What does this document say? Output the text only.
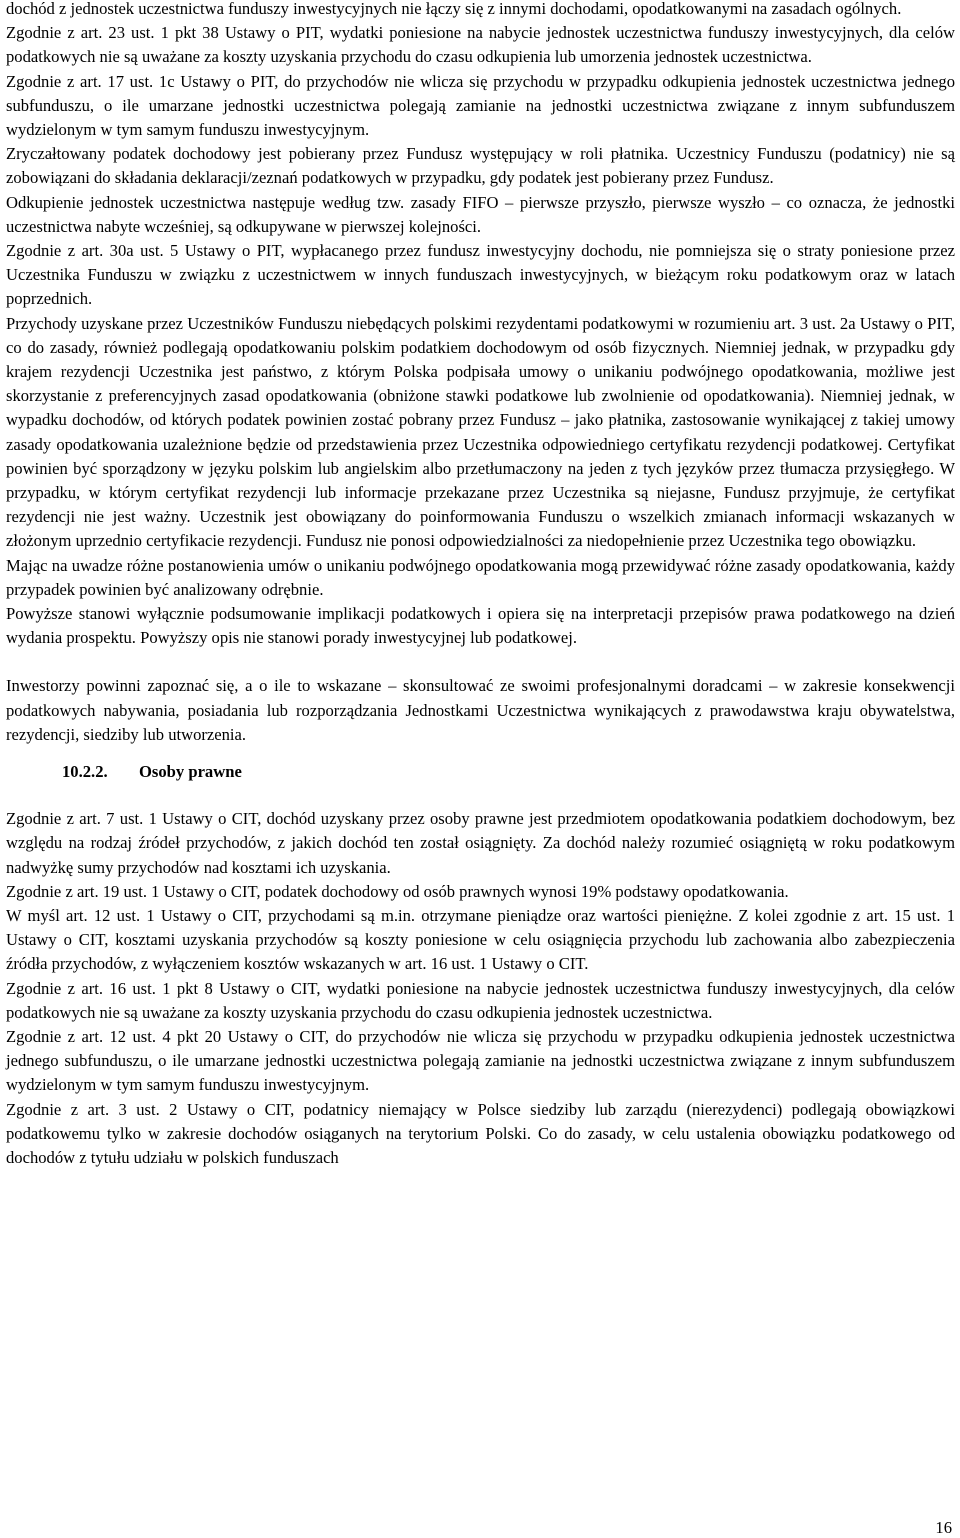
dochód z jednostek uczestnictwa funduszy inwestycyjnych nie łączy się z innymi dochodami, opodatkowanymi na zasadach ogólnych.

Zgodnie z art. 23 ust. 1 pkt 38 Ustawy o PIT, wydatki poniesione na nabycie jednostek uczestnictwa funduszy inwestycyjnych, dla celów podatkowych nie są uważane za koszty uzyskania przychodu do czasu odkupienia lub umorzenia jednostek uczestnictwa.

Zgodnie z art. 17 ust. 1c Ustawy o PIT, do przychodów nie wlicza się przychodu w przypadku odkupienia jednostek uczestnictwa jednego subfunduszu, o ile umarzane jednostki uczestnictwa polegają zamianie na jednostki uczestnictwa związane z innym subfunduszem wydzielonym w tym samym funduszu inwestycyjnym.

Zryczałtowany podatek dochodowy jest pobierany przez Fundusz występujący w roli płatnika. Uczestnicy Funduszu (podatnicy) nie są zobowiązani do składania deklaracji/zeznań podatkowych w przypadku, gdy podatek jest pobierany przez Fundusz.

Odkupienie jednostek uczestnictwa następuje według tzw. zasady FIFO – pierwsze przyszło, pierwsze wyszło – co oznacza, że jednostki uczestnictwa nabyte wcześniej, są odkupywane w pierwszej kolejności.

Zgodnie z art. 30a ust. 5 Ustawy o PIT, wypłacanego przez fundusz inwestycyjny dochodu, nie pomniejsza się o straty poniesione przez Uczestnika Funduszu w związku z uczestnictwem w innych funduszach inwestycyjnych, w bieżącym roku podatkowym oraz w latach poprzednich.

Przychody uzyskane przez Uczestników Funduszu niebędących polskimi rezydentami podatkowymi w rozumieniu art. 3 ust. 2a Ustawy o PIT, co do zasady, również podlegają opodatkowaniu polskim podatkiem dochodowym od osób fizycznych. Niemniej jednak, w przypadku gdy krajem rezydencji Uczestnika jest państwo, z którym Polska podpisała umowy o unikaniu podwójnego opodatkowania, możliwe jest skorzystanie z preferencyjnych zasad opodatkowania (obniżone stawki podatkowe lub zwolnienie od opodatkowania). Niemniej jednak, w wypadku dochodów, od których podatek powinien zostać pobrany przez Fundusz – jako płatnika, zastosowanie wynikającej z takiej umowy zasady opodatkowania uzależnione będzie od przedstawienia przez Uczestnika odpowiedniego certyfikatu rezydencji podatkowej. Certyfikat powinien być sporządzony w języku polskim lub angielskim albo przetłumaczony na jeden z tych języków przez tłumacza przysięgłego. W przypadku, w którym certyfikat rezydencji lub informacje przekazane przez Uczestnika są niejasne, Fundusz przyjmuje, że certyfikat rezydencji nie jest ważny. Uczestnik jest obowiązany do poinformowania Funduszu o wszelkich zmianach informacji wskazanych w złożonym uprzednio certyfikacie rezydencji. Fundusz nie ponosi odpowiedzialności za niedopełnienie przez Uczestnika tego obowiązku.

Mając na uwadze różne postanowienia umów o unikaniu podwójnego opodatkowania mogą przewidywać różne zasady opodatkowania, każdy przypadek powinien być analizowany odrębnie.

Powyższe stanowi wyłącznie podsumowanie implikacji podatkowych i opiera się na interpretacji przepisów prawa podatkowego na dzień wydania prospektu. Powyższy opis nie stanowi porady inwestycyjnej lub podatkowej.

Inwestorzy powinni zapoznać się, a o ile to wskazane – skonsultować ze swoimi profesjonalnymi doradcami – w zakresie konsekwencji podatkowych nabywania, posiadania lub rozporządzania Jednostkami Uczestnictwa wynikających z prawodawstwa kraju obywatelstwa, rezydencji, siedziby lub utworzenia.

10.2.2. Osoby prawne

Zgodnie z art. 7 ust. 1 Ustawy o CIT, dochód uzyskany przez osoby prawne jest przedmiotem opodatkowania podatkiem dochodowym, bez względu na rodzaj źródeł przychodów, z jakich dochód ten został osiągnięty. Za dochód należy rozumieć osiągniętą w roku podatkowym nadwyżkę sumy przychodów nad kosztami ich uzyskania.

Zgodnie z art. 19 ust. 1 Ustawy o CIT, podatek dochodowy od osób prawnych wynosi 19% podstawy opodatkowania.

W myśl art. 12 ust. 1 Ustawy o CIT, przychodami są m.in. otrzymane pieniądze oraz wartości pieniężne. Z kolei zgodnie z art. 15 ust. 1 Ustawy o CIT, kosztami uzyskania przychodów są koszty poniesione w celu osiągnięcia przychodu lub zachowania albo zabezpieczenia źródła przychodów, z wyłączeniem kosztów wskazanych w art. 16 ust. 1 Ustawy o CIT.

Zgodnie z art. 16 ust. 1 pkt 8 Ustawy o CIT, wydatki poniesione na nabycie jednostek uczestnictwa funduszy inwestycyjnych, dla celów podatkowych nie są uważane za koszty uzyskania przychodu do czasu odkupienia jednostek uczestnictwa.

Zgodnie z art. 12 ust. 4 pkt 20 Ustawy o CIT, do przychodów nie wlicza się przychodu w przypadku odkupienia jednostek uczestnictwa jednego subfunduszu, o ile umarzane jednostki uczestnictwa polegają zamianie na jednostki uczestnictwa związane z innym subfunduszem wydzielonym w tym samym funduszu inwestycyjnym.

Zgodnie z art. 3 ust. 2 Ustawy o CIT, podatnicy niemający w Polsce siedziby lub zarządu (nierezydenci) podlegają obowiązkowi podatkowemu tylko w zakresie dochodów osiąganych na terytorium Polski. Co do zasady, w celu ustalenia obowiązku podatkowego od dochodów z tytułu udziału w polskich funduszach

16
